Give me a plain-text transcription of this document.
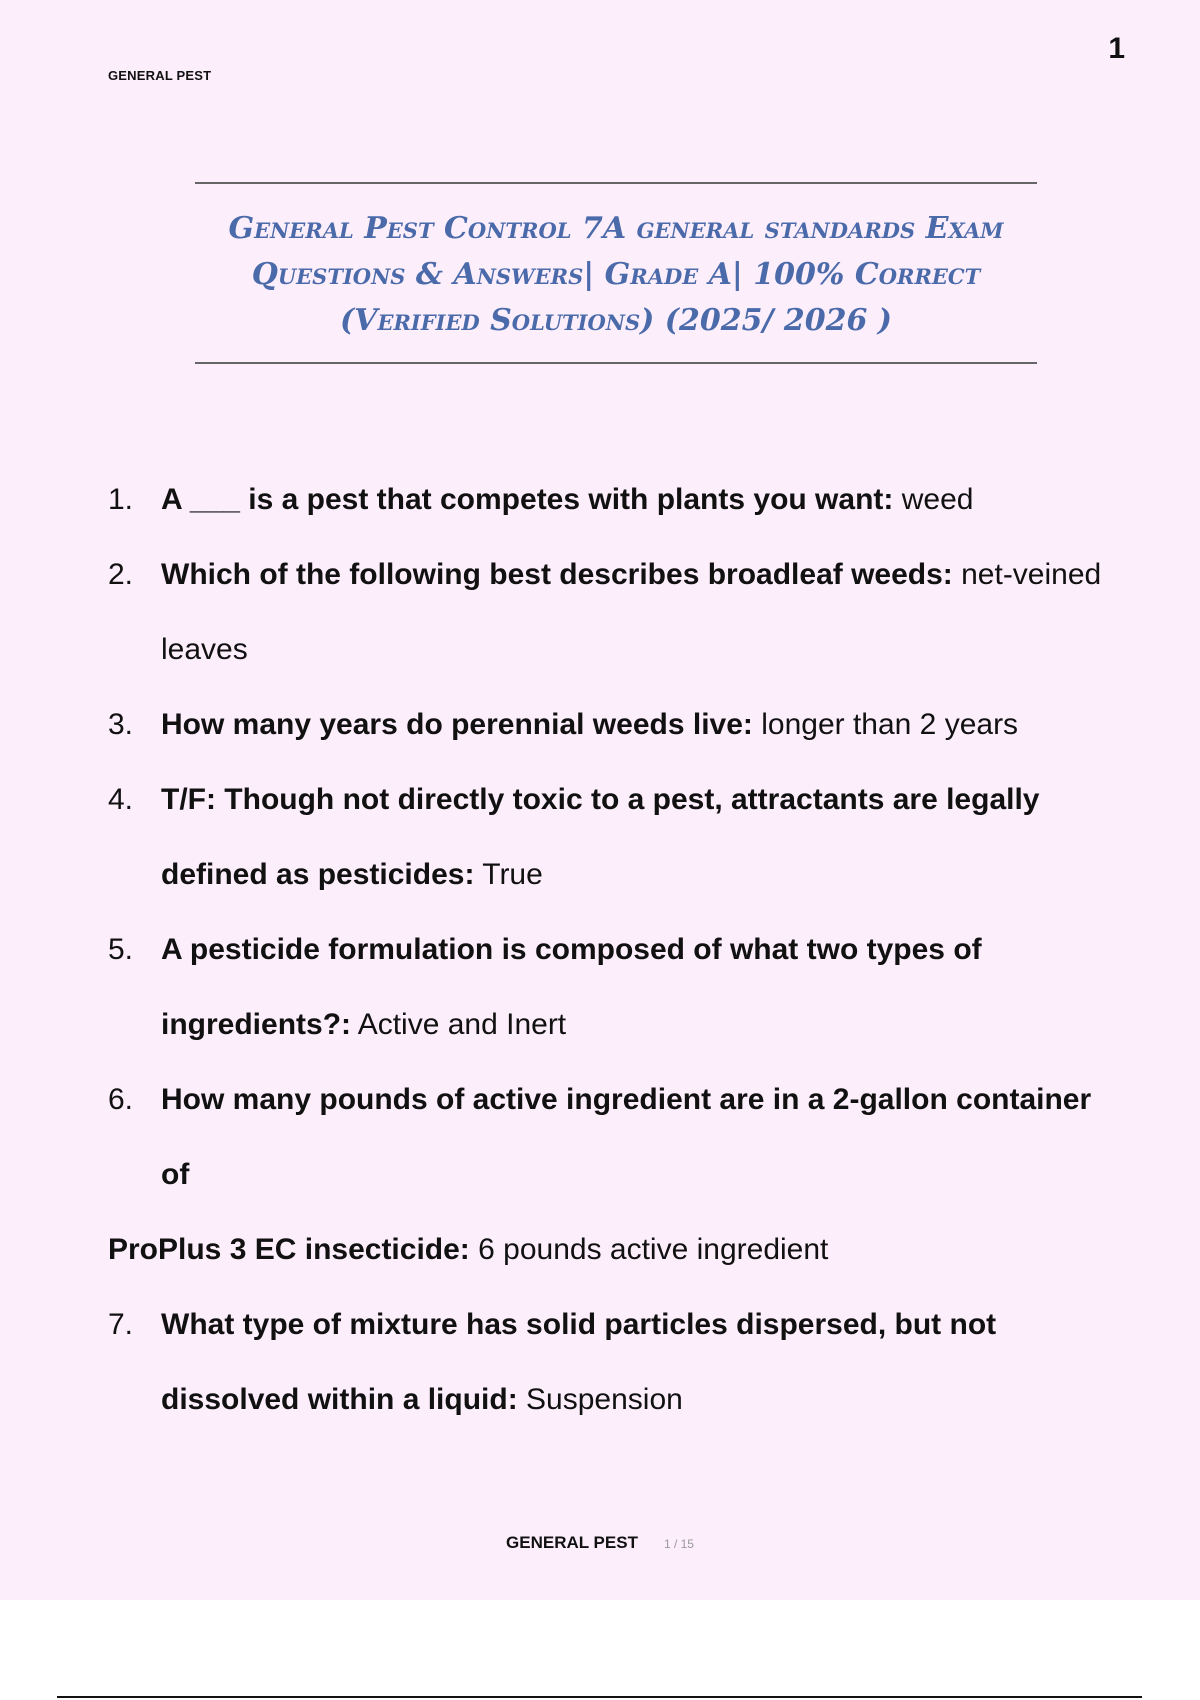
1
GENERAL PEST
General Pest Control 7A general standards Exam
Questions & Answers| Grade A| 100% Correct
(Verified Solutions) (2025/ 2026 )
1. A ___ is a pest that competes with plants you want: weed
2. Which of the following best describes broadleaf weeds: net-veined leaves
3. How many years do perennial weeds live: longer than 2 years
4. T/F: Though not directly toxic to a pest, attractants are legally defined as pesticides: True
5. A pesticide formulation is composed of what two types of ingredients?: Active and Inert
6. How many pounds of active ingredient are in a 2-gallon container of
ProPlus 3 EC insecticide: 6 pounds active ingredient
7. What type of mixture has solid particles dispersed, but not dissolved within a liquid: Suspension
GENERAL PEST 1 / 15
